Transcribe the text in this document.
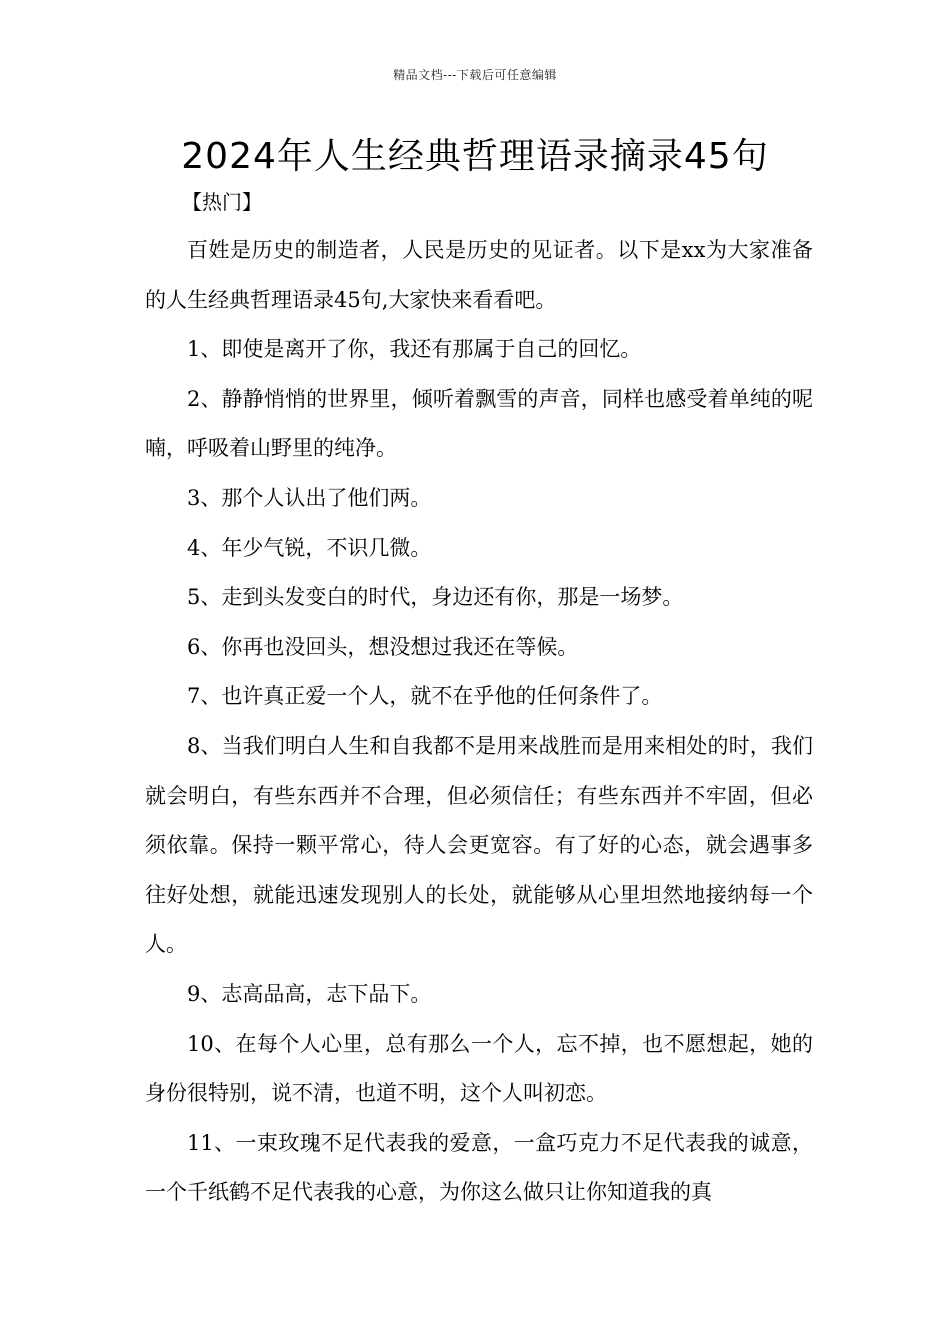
精品文档---下载后可任意编辑
2024年人生经典哲理语录摘录45句
【热门】

百姓是历史的制造者，人民是历史的见证者。以下是xx为大家准备的人生经典哲理语录45句,大家快来看看吧。

1、即使是离开了你，我还有那属于自己的回忆。

2、静静悄悄的世界里，倾听着飘雪的声音，同样也感受着单纯的呢喃，呼吸着山野里的纯净。

3、那个人认出了他们两。

4、年少气锐，不识几微。

5、走到头发变白的时代，身边还有你，那是一场梦。

6、你再也没回头，想没想过我还在等候。

7、也许真正爱一个人，就不在乎他的任何条件了。

8、当我们明白人生和自我都不是用来战胜而是用来相处的时，我们就会明白，有些东西并不合理，但必须信任；有些东西并不牢固，但必须依靠。保持一颗平常心，待人会更宽容。有了好的心态，就会遇事多往好处想，就能迅速发现别人的长处，就能够从心里坦然地接纳每一个人。

9、志高品高，志下品下。

10、在每个人心里，总有那么一个人，忘不掉，也不愿想起，她的身份很特别，说不清，也道不明，这个人叫初恋。

11、一束玫瑰不足代表我的爱意，一盒巧克力不足代表我的诚意，一个千纸鹤不足代表我的心意，为你这么做只让你知道我的真
